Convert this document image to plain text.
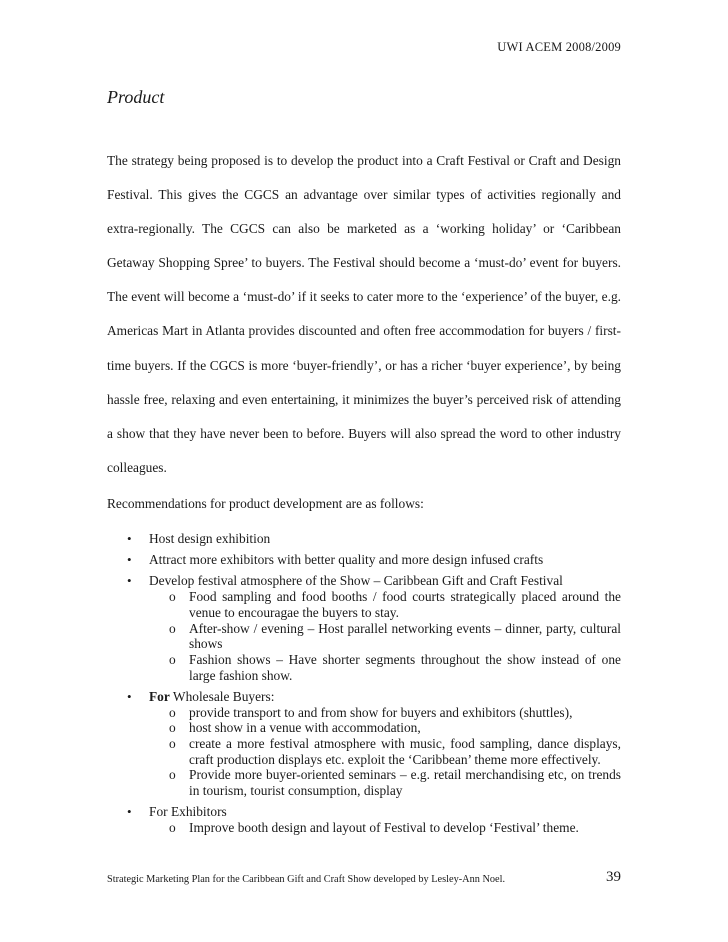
UWI ACEM 2008/2009
Product
The strategy being proposed is to develop the product into a Craft Festival or Craft and Design Festival. This gives the CGCS an advantage over similar types of activities regionally and extra-regionally. The CGCS can also be marketed as a ‘working holiday’ or ‘Caribbean Getaway Shopping Spree’ to buyers. The Festival should become a ‘must-do’ event for buyers. The event will become a ‘must-do’ if it seeks to cater more to the ‘experience’ of the buyer, e.g. Americas Mart in Atlanta provides discounted and often free accommodation for buyers / first-time buyers. If the CGCS is more ‘buyer-friendly’, or has a richer ‘buyer experience’, by being hassle free, relaxing and even entertaining, it minimizes the buyer’s perceived risk of attending a show that they have never been to before. Buyers will also spread the word to other industry colleagues.
Recommendations for product development are as follows:
• Host design exhibition
• Attract more exhibitors with better quality and more design infused crafts
• Develop festival atmosphere of the Show – Caribbean Gift and Craft Festival
o Food sampling and food booths / food courts strategically placed around the venue to encouragae the buyers to stay.
o After-show / evening – Host parallel networking events – dinner, party, cultural shows
o Fashion shows – Have shorter segments throughout the show instead of one large fashion show.
• For Wholesale Buyers:
o provide transport to and from show for buyers and exhibitors (shuttles),
o host show in a venue with accommodation,
o create a more festival atmosphere with music, food sampling, dance displays, craft production displays etc. exploit the ‘Caribbean’ theme more effectively.
o Provide more buyer-oriented seminars – e.g. retail merchandising etc, on trends in tourism, tourist consumption, display
• For Exhibitors
o Improve booth design and layout of Festival to develop ‘Festival’ theme.
Strategic Marketing Plan for the Caribbean Gift and Craft Show developed by Lesley-Ann Noel.	39
